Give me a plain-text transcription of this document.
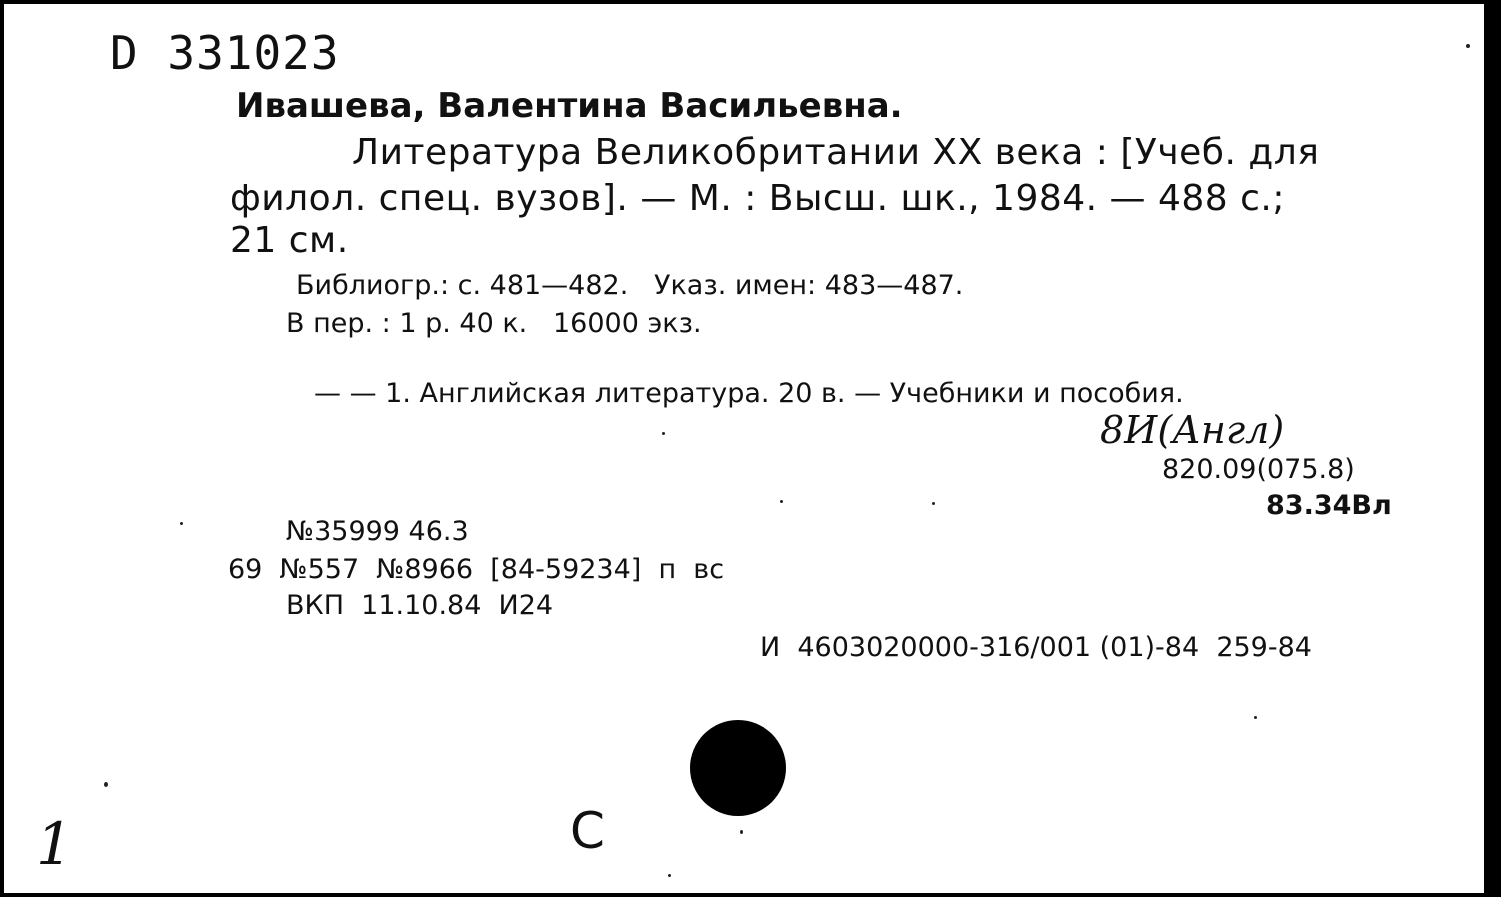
D 331023
Ивашева, Валентина Васильевна.
Литература Великобритании XX века : [Учеб. для
филол. спец. вузов]. — М. : Высш. шк., 1984. — 488 с.;
21 см.
Библиогр.: с. 481—482.   Указ. имен: 483—487.
В пер. : 1 р. 40 к.   16000 экз.
— — 1. Английская литература. 20 в. — Учебники и пособия.
8И(Англ)
820.09(075.8)
83.34Вл
№35999 46.3
69  №557  №8966  [84-59234]  п  вс
ВКП  11.10.84  И24
И  4603020000-316/001 (01)-84  259-84
1	С
